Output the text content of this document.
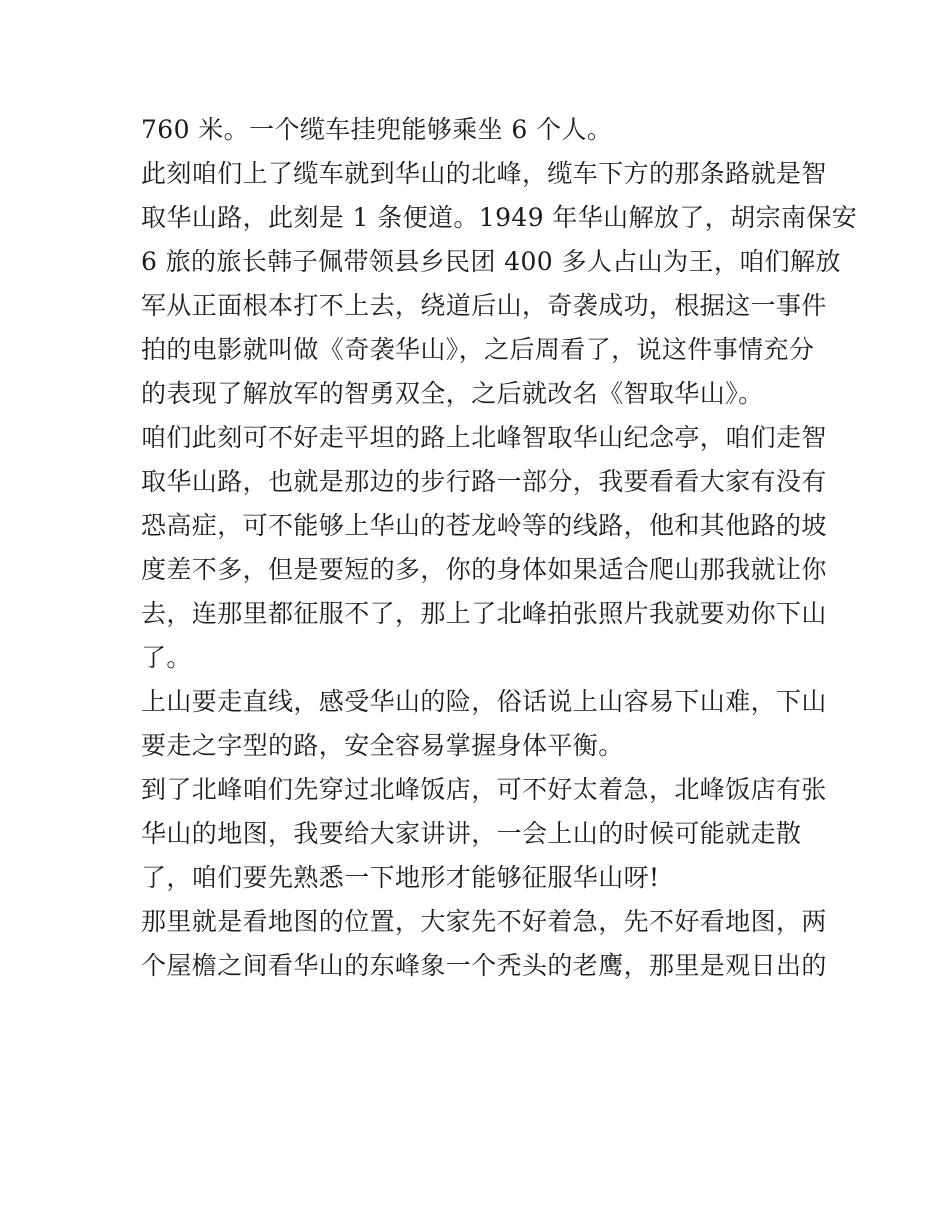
760 米。一个缆车挂兜能够乘坐 6 个人。
此刻咱们上了缆车就到华山的北峰，缆车下方的那条路就是智
取华山路，此刻是 1 条便道。1949 年华山解放了，胡宗南保安
6 旅的旅长韩子佩带领县乡民团 400 多人占山为王，咱们解放
军从正面根本打不上去，绕道后山，奇袭成功，根据这一事件
拍的电影就叫做《奇袭华山》，之后周看了，说这件事情充分
的表现了解放军的智勇双全，之后就改名《智取华山》。
咱们此刻可不好走平坦的路上北峰智取华山纪念亭，咱们走智
取华山路，也就是那边的步行路一部分，我要看看大家有没有
恐高症，可不能够上华山的苍龙岭等的线路，他和其他路的坡
度差不多，但是要短的多，你的身体如果适合爬山那我就让你
去，连那里都征服不了，那上了北峰拍张照片我就要劝你下山
了。
上山要走直线，感受华山的险，俗话说上山容易下山难，下山
要走之字型的路，安全容易掌握身体平衡。
到了北峰咱们先穿过北峰饭店，可不好太着急，北峰饭店有张
华山的地图，我要给大家讲讲，一会上山的时候可能就走散
了，咱们要先熟悉一下地形才能够征服华山呀!
那里就是看地图的位置，大家先不好着急，先不好看地图，两
个屋檐之间看华山的东峰象一个秃头的老鹰，那里是观日出的
